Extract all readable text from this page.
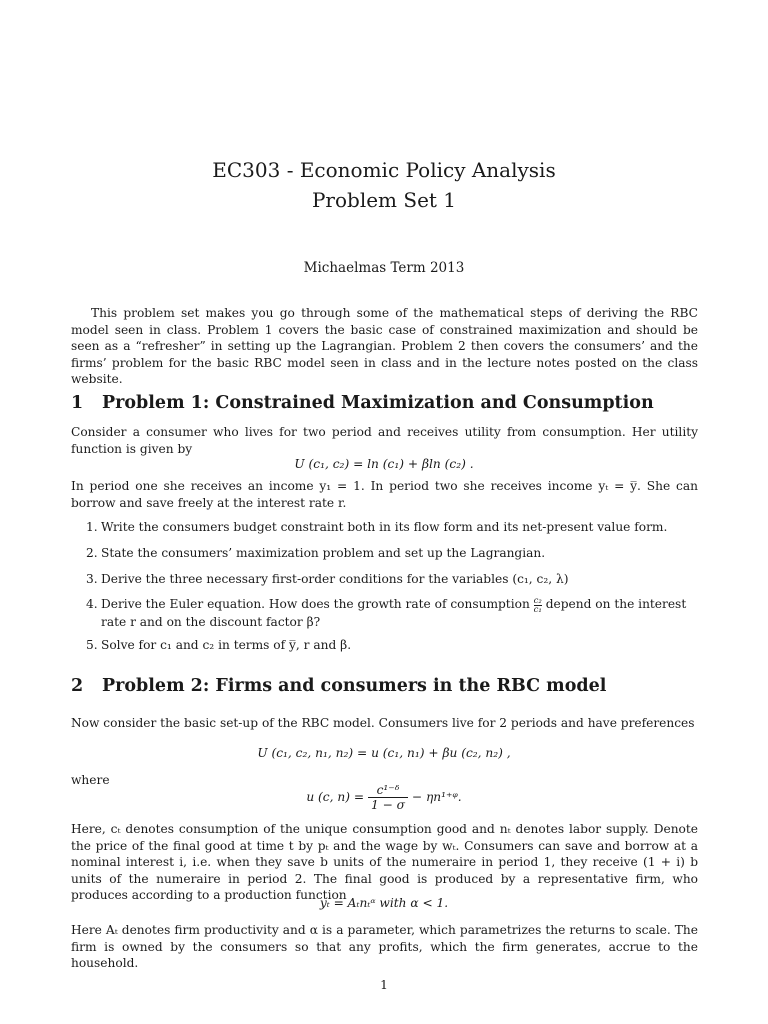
EC303 - Economic Policy Analysis
Problem Set 1
Michaelmas Term 2013
This problem set makes you go through some of the mathematical steps of deriving the RBC model seen in class. Problem 1 covers the basic case of constrained maximization and should be seen as a “refresher” in setting up the Lagrangian. Problem 2 then covers the consumers’ and the firms’ problem for the basic RBC model seen in class and in the lecture notes posted on the class website.
1 Problem 1: Constrained Maximization and Consumption
Consider a consumer who lives for two period and receives utility from consumption. Her utility function is given by
U (c₁, c₂) = ln (c₁) + βln (c₂) .
In period one she receives an income y₁ = 1. In period two she receives income yₜ = y̅. She can borrow and save freely at the interest rate r.
1. Write the consumers budget constraint both in its flow form and its net-present value form.
2. State the consumers’ maximization problem and set up the Lagrangian.
3. Derive the three necessary first-order conditions for the variables (c₁, c₂, λ)
4. Derive the Euler equation. How does the growth rate of consumption $\frac{\text{c₂}}{\text{c₁}}$ depend on the interest rate r and on the discount factor β?
5. Solve for c₁ and c₂ in terms of y̅, r and β.
2 Problem 2: Firms and consumers in the RBC model
Now consider the basic set-up of the RBC model. Consumers live for 2 periods and have preferences
U (c₁, c₂, n₁, n₂) = u (c₁, n₁) + βu (c₂, n₂) ,
where
u (c, $n) = \frac{\text{c¹⁻ᵟ}}{1 - \sigma}$ − ηn¹⁺ᵠ.
Here, cₜ denotes consumption of the unique consumption good and nₜ denotes labor supply. Denote the price of the final good at time t by pₜ and the wage by wₜ. Consumers can save and borrow at a nominal interest i, i.e. when they save b units of the numeraire in period 1, they receive (1 + i) b units of the numeraire in period 2. The final good is produced by a representative firm, who produces according to a production function
yₜ = Aₜnₜᵅ with α < 1.
Here Aₜ denotes firm productivity and α is a parameter, which parametrizes the returns to scale. The firm is owned by the consumers so that any profits, which the firm generates, accrue to the household.
1
